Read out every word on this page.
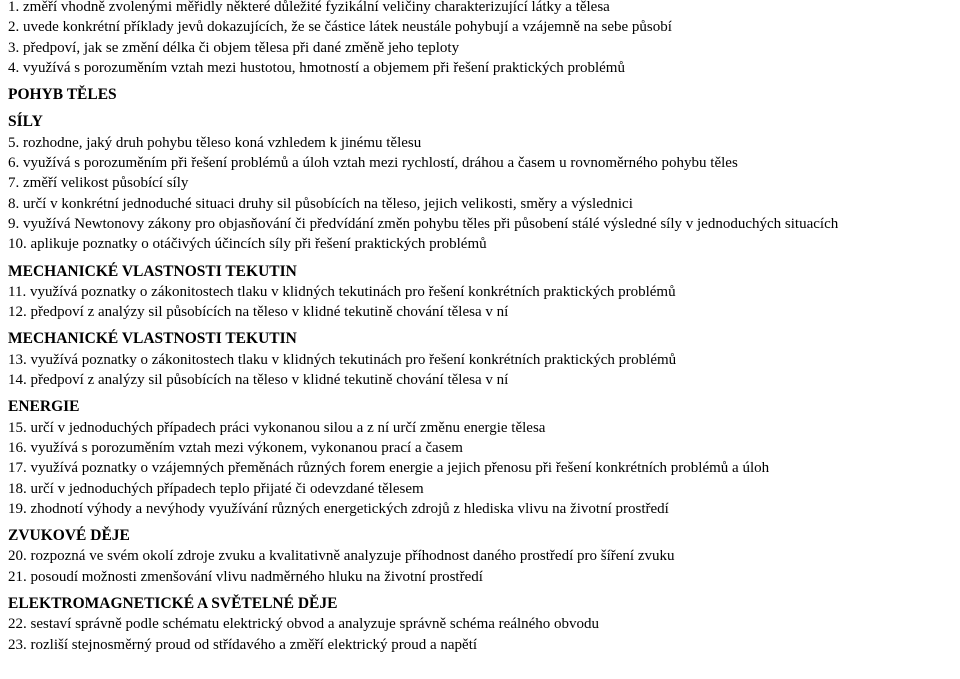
1. změří vhodně zvolenými měřidly některé důležité fyzikální veličiny charakterizující látky a tělesa
2. uvede konkrétní příklady jevů dokazujících, že se částice látek neustále pohybují a vzájemně na sebe působí
3. předpoví, jak se změní délka či objem tělesa při dané změně jeho teploty
4. využívá s porozuměním vztah mezi hustotou, hmotností a objemem při řešení praktických problémů
POHYB TĚLES
SÍLY
5. rozhodne, jaký druh pohybu těleso koná vzhledem k jinému tělesu
6. využívá s porozuměním při řešení problémů a úloh vztah mezi rychlostí, dráhou a časem u rovnoměrného pohybu těles
7. změří velikost působící síly
8. určí v konkrétní jednoduché situaci druhy sil působících na těleso, jejich velikosti, směry a výslednici
9. využívá Newtonovy zákony pro objasňování či předvídání změn pohybu těles při působení stálé výsledné síly v jednoduchých situacích
10. aplikuje poznatky o otáčivých účincích síly při řešení praktických problémů
MECHANICKÉ VLASTNOSTI TEKUTIN
11. využívá poznatky o zákonitostech tlaku v klidných tekutinách pro řešení konkrétních praktických problémů
12. předpoví z analýzy sil působících na těleso v klidné tekutině chování tělesa v ní
MECHANICKÉ VLASTNOSTI TEKUTIN
13. využívá poznatky o zákonitostech tlaku v klidných tekutinách pro řešení konkrétních praktických problémů
14. předpoví z analýzy sil působících na těleso v klidné tekutině chování tělesa v ní
ENERGIE
15. určí v jednoduchých případech práci vykonanou silou a z ní určí změnu energie tělesa
16. využívá s porozuměním vztah mezi výkonem, vykonanou prací a časem
17. využívá poznatky o vzájemných přeměnách různých forem energie a jejich přenosu při řešení konkrétních problémů a úloh
18. určí v jednoduchých případech teplo přijaté či odevzdané tělesem
19. zhodnotí výhody a nevýhody využívání různých energetických zdrojů z hlediska vlivu na životní prostředí
ZVUKOVÉ DĚJE
20. rozpozná ve svém okolí zdroje zvuku a kvalitativně analyzuje příhodnost daného prostředí pro šíření zvuku
21. posoudí možnosti zmenšování vlivu nadměrného hluku na životní prostředí
ELEKTROMAGNETICKÉ A SVĚTELNÉ DĚJE
22. sestaví správně podle schématu elektrický obvod a analyzuje správně schéma reálného obvodu
23. rozliší stejnosměrný proud od střídavého a změří elektrický proud a napětí
